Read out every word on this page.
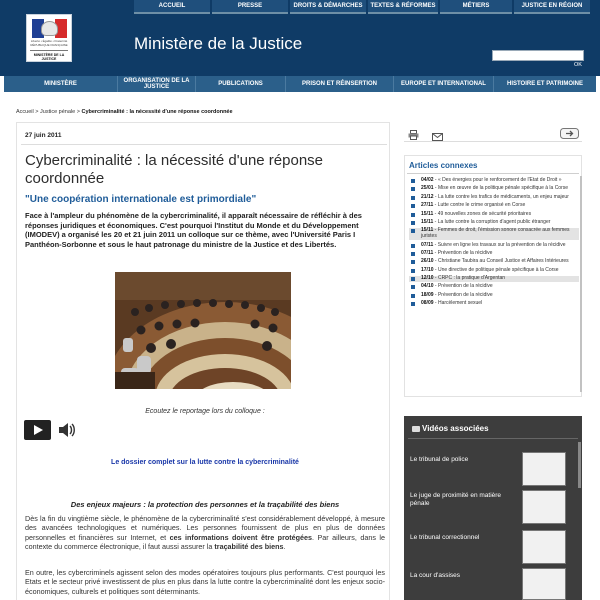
Liberté • Égalité • Fraternité RÉPUBLIQUE FRANÇAISE
MINISTÈRE DE LA JUSTICE
Ministère de la Justice
ACCUEIL	PRESSE	DROITS & DÉMARCHES	TEXTES & RÉFORMES	MÉTIERS	JUSTICE EN RÉGION
OK
MINISTÈRE
ORGANISATION DE LA JUSTICE
PUBLICATIONS	PRISON ET RÉINSERTION	EUROPE ET INTERNATIONAL	HISTOIRE ET PATRIMOINE
Accueil > Justice pénale > Cybercriminalité : la nécessité d'une réponse coordonnée
27 juin 2011
Cybercriminalité : la nécessité d'une réponse coordonnée
"Une coopération internationale est primordiale"
Face à l'ampleur du phénomène de la cybercriminalité, il apparaît nécessaire de réfléchir à des réponses juridiques et économiques. C'est pourquoi l'Institut du Monde et du Développement (IMODEV) a organisé les 20 et 21 juin 2011 un colloque sur ce thème, avec l'Université Paris I Panthéon-Sorbonne et sous le haut patronage du ministre de la Justice et des Libertés.
Ecoutez le reportage lors du colloque :
Le dossier complet sur la lutte contre la cybercriminalité
Des enjeux majeurs : la protection des personnes et la traçabilité des biens
Dès la fin du vingtième siècle, le phénomène de la cybercriminalité s'est considérablement développé, à mesure des avancées technologiques et numériques. Les personnes fournissent de plus en plus de données personnelles et financières sur Internet, et ces informations doivent être protégées. Par ailleurs, dans le contexte du commerce électronique, il faut aussi assurer la traçabilité des biens.
En outre, les cybercriminels agissent selon des modes opératoires toujours plus performants. C'est pourquoi les Etats et le secteur privé investissent de plus en plus dans la lutte contre la cybercriminalité dont les enjeux socio-économiques, culturels et politiques sont déterminants.
Articles connexes
04/02 - « Des énergies pour le renforcement de l'Etat de Droit »
25/01 - Mise en œuvre de la politique pénale spécifique à la Corse
21/12 - La lutte contre les trafics de médicaments, un enjeu majeur
27/11 - Lutte contre le crime organisé en Corse
15/11 - 49 nouvelles zones de sécurité prioritaires
15/11 - La lutte contre la corruption d'agent public étranger
15/11 - Femmes de droit, l'émission sonore consacrée aux femmes juristes
07/11 - Suivre en ligne les travaux sur la prévention de la récidive
07/11 - Prévention de la récidive
26/10 - Christiane Taubira au Conseil Justice et Affaires Intérieures
17/10 - Une directive de politique pénale spécifique à la Corse
12/10 - CRPC : la pratique d'Argentan
04/10 - Prévention de la récidive
18/09 - Prévention de la récidive
08/09 - Harcèlement sexuel
Vidéos associées
Le tribunal de police
Le juge de proximité en matière pénale
Le tribunal correctionnel
La cour d'assises
